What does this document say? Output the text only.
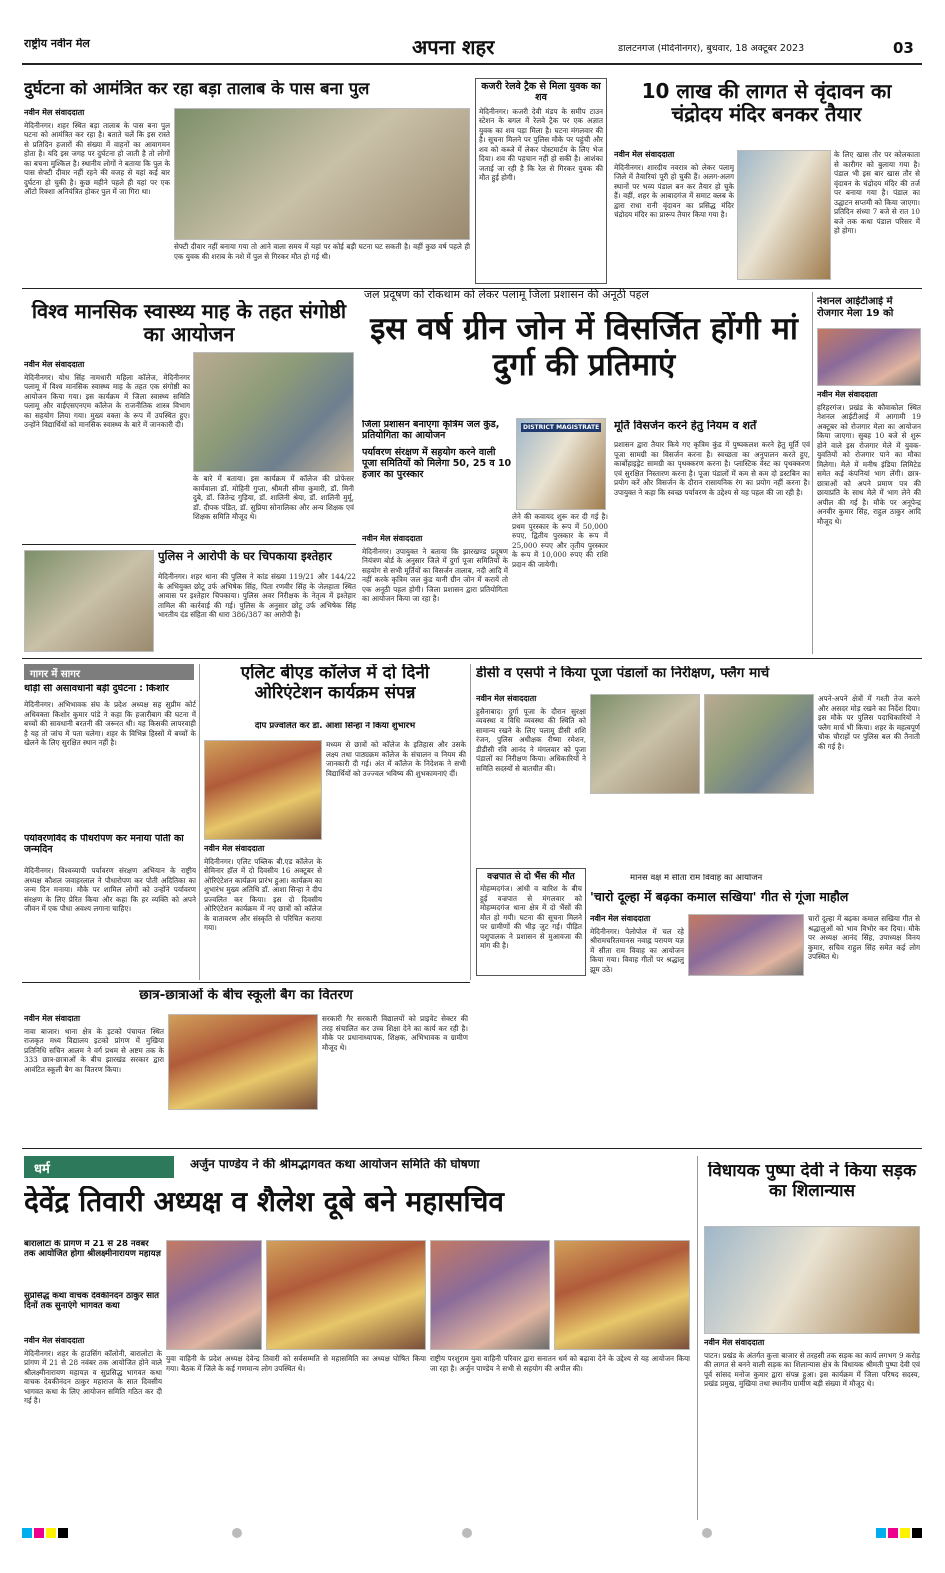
राष्ट्रीय नवीन मेल	अपना शहर	डालटनगंज (मेदिनीनगर), बुधवार, 18 अक्टूबर 2023	03
दुर्घटना को आमंत्रित कर रहा बड़ा तालाब के पास बना पुल
नवीन मेल संवाददाता
मेदिनीनगर। शहर स्थित बड़ा तालाब के पास बना पुल घटना को आमंत्रित कर रहा है। बताते चलें कि इस रास्ते से प्रतिदिन हजारों की संख्या में वाहनों का आवागमन होता है। यदि इस जगह पर दुर्घटना हो जाती है तो लोगों का बचना मुश्किल है। स्थानीय लोगों ने बताया कि पुल के पास सेफ्टी दीवार नहीं रहने की वजह से यहां कई बार दुर्घटना हो चुकी है। कुछ महीने पहले ही यहां पर एक ऑटो रिक्शा अनियंत्रित होकर पुल में जा गिरा था।
सेफ्टी दीवार नहीं बनाया गया तो आने वाला समय में यहां पर कोई बड़ी घटना घट सकती है। वहीं कुछ वर्ष पहले ही एक युवक की शराब के नशे में पुल से गिरकर मौत हो गई थी।
कजरी रेलवे ट्रैक से मिला युवक का शव
मेदिनीनगर। कजरी देवी मंडप के समीप टाउन स्टेशन के बगल में रेलवे ट्रैक पर एक अज्ञात युवक का शव पड़ा मिला है। घटना मंगलवार की है। सूचना मिलने पर पुलिस मौके पर पहुंची और शव को कब्जे में लेकर पोस्टमार्टम के लिए भेज दिया। शव की पहचान नहीं हो सकी है। आशंका जताई जा रही है कि रेल से गिरकर युवक की मौत हुई होगी।
10 लाख की लागत से वृंदावन का चंद्रोदय मंदिर बनकर तैयार
नवीन मेल संवाददाता
मेदिनीनगर। शारदीय नवरात्र को लेकर पलामू जिले में तैयारियां पूरी हो चुकी हैं। अलग-अलग स्थानों पर भव्य पंडाल बन कर तैयार हो चुके हैं। वहीं, शहर के आबादगंज में समाट क्लब के द्वारा राधा रानी वृंदावन का प्रसिद्ध मंदिर चंद्रोदय मंदिर का प्रारूप तैयार किया गया है।
के लिए खास तौर पर कोलकाता से कारीगर को बुलाया गया है। पंडाल भी इस बार खास तौर से वृंदावन के चंद्रोदय मंदिर की तर्ज पर बनाया गया है। पंडाल का उद्घाटन सप्तमी को किया जाएगा। प्रतिदिन संध्या 7 बजे से रात 10 बजे तक कथा पंडाल परिसर में हो होगा।
विश्व मानसिक स्वास्थ्य माह के तहत संगोष्ठी का आयोजन
नवीन मेल संवाददाता
मेदिनीनगर। योध सिंह नामधारी महिला कॉलेज, मेदिनीनगर पलामू में विश्व मानसिक स्वास्थ्य माह के तहत एक संगोष्ठी का आयोजन किया गया। इस कार्यक्रम में जिला स्वास्थ्य समिति पलामू और वाईएसएनएम कॉलेज के राजनीतिक शास्त्र विभाग का सहयोग लिया गया। मुख्य वक्ता के रूप में उपस्थित हुए। उन्होंने विद्यार्थियों को मानसिक स्वास्थ्य के बारे में जानकारी दी।
के बारे में बताया। इस कार्यक्रम में कॉलेज की प्रोफेसर कार्यवाला डॉ. मोहिनी गुप्ता, श्रीमती सीमा कुमारी, डॉ. मिनी दुबे, डॉ. जितेन्द्र गुड़िया, डॉ. शालिनी श्रेया, डॉ. शालिनी मुर्मू, डॉ. दीपक पंडित, डॉ. सुप्रिया सोनालिका और अन्य शिक्षक एवं शिक्षक समिति मौजूद थे।
जल प्रदूषण को रोकथाम को लेकर पलामू जिला प्रशासन की अनूठी पहल
इस वर्ष ग्रीन जोन में विसर्जित होंगी मां दुर्गा की प्रतिमाएं
जिला प्रशासन बनाएगा कृत्रिम जल कुंड, प्रतियोगिता का आयोजन
पर्यावरण संरक्षण में सहयोग करने वाली पूजा समितियों को मिलेगा 50, 25 व 10 हजार का पुरस्कार
DISTRICT MAGISTRATE
नवीन मेल संवाददाता
मेदिनीनगर। उपायुक्त ने बताया कि झारखण्ड प्रदूषण नियंत्रण बोर्ड के अनुसार जिले में दुर्गा पूजा समितियों के सहयोग से सभी मूर्तियों का विसर्जन तालाब, नदी आदि में नहीं करके कृत्रिम जल कुंड यानी ग्रीन जोन में करायें तो एक अनूठी पहल होगी। जिला प्रशासन द्वारा प्रतियोगिता का आयोजन किया जा रहा है।
लेने की कवायद शुरू कर दी गई है। प्रथम पुरस्कार के रूप में 50,000 रुपए, द्वितीय पुरस्कार के रूप में 25,000 रुपए और तृतीय पुरस्कार के रूप में 10,000 रुपए की राशि प्रदान की जायेगी।
मूर्ति विसर्जन करने हेतु नियम व शर्तें
प्रशासन द्वारा तैयार किये गए कृत्रिम कुंड में पुष्पकलश करने हेतु मूर्ति एवं पूजा सामग्री का विसर्जन करना है। स्वच्छता का अनुपालन करते हुए, कार्बोहाइड्रेट सामग्री का पृथक्करण करना है। प्लास्टिक वेस्ट का पृथक्करण एवं सुरक्षित निस्तारण करना है। पूजा पंडालों में कम से कम दो डस्टबिन का प्रयोग करें और विसर्जन के दौरान रासायनिक रंग का प्रयोग नहीं करना है। उपायुक्त ने कहा कि स्वच्छ पर्यावरण के उद्देश्य से यह पहल की जा रही है।
नेशनल आईटीआई में रोजगार मेला 19 को
नवीन मेल संवाददाता
हरिहरगंज। प्रखंड के कौवाकोल स्थित नेशनल आईटीआई में आगामी 19 अक्टूबर को रोजगार मेला का आयोजन किया जाएगा। सुबह 10 बजे से शुरू होने वाले इस रोजगार मेले में युवक-युवतियों को रोजगार पाने का मौका मिलेगा। मेले में मनीष इंडिया लिमिटेड समेत कई कंपनियां भाग लेंगी। छात्र-छात्राओं को अपने प्रमाण पत्र की छायाप्रति के साथ मेले में भाग लेने की अपील की गई है। मौके पर अनूपेन्द्र अनवीर कुमार सिंह, राहुल ठाकुर आदि मौजूद थे।
पुलिस ने आरोपी के घर चिपकाया इश्तेहार
मेदिनीनगर। शहर थाना की पुलिस ने कांड संख्या 119/21 और 144/22 के अभियुक्त छोटू उर्फ अभिषेक सिंह, पिता रणवीर सिंह के जेलहाता स्थित आवास पर इश्तेहार चिपकाया। पुलिस अवर निरीक्षक के नेतृत्व में इश्तेहार तामिल की कार्रवाई की गई। पुलिस के अनुसार छोटू उर्फ अभिषेक सिंह भारतीय दंड संहिता की धारा 386/387 का आरोपी है।
गागर में सागर
थोड़ी सी असावधानी बड़ी दुर्घटना : किशोर
मेदिनीनगर। अभिभावक संघ के प्रदेश अध्यक्ष सह सुप्रीम कोर्ट अधिवक्ता किशोर कुमार पांडे ने कहा कि हजारीबाग की घटना में बच्चों की सावधानी बरतनी की जरूरत थी। यह किसकी लापरवाही है यह तो जांच में पता चलेगा। शहर के विभिन्न हिस्सों में बच्चों के खेलने के लिए सुरक्षित स्थान नहीं है।
पर्यावरणविद के पौधरोपण कर मनाया पोती का जन्मदिन
मेदिनीनगर। विश्वव्यापी पर्यावरण संरक्षण अभियान के राष्ट्रीय अध्यक्ष कौशल जवाहरलाल ने पौधारोपण कर पोती अदितिका का जन्म दिन मनाया। मौके पर शामिल लोगों को उन्होंने पर्यावरण संरक्षण के लिए प्रेरित किया और कहा कि हर व्यक्ति को अपने जीवन में एक पौधा अवश्य लगाना चाहिए।
एलिट बीएड कॉलेज में दो दिनी ओरिएंटेशन कार्यक्रम संपन्न
दीप प्रज्वलित कर डॉ. आशा सिन्हा ने किया शुभारंभ
नवीन मेल संवाददाता
मेदिनीनगर। एलिट पब्लिक बी.एड कॉलेज के सेमिनार हॉल में दो दिवसीय 16 अक्टूबर से ओरिएंटेशन कार्यक्रम प्रारंभ हुआ। कार्यक्रम का शुभारंभ मुख्य अतिथि डॉ. आशा सिन्हा ने दीप प्रज्वलित कर किया। इस दो दिवसीय ओरिएंटेशन कार्यक्रम में नए छात्रों को कॉलेज के वातावरण और संस्कृति से परिचित कराया गया।
मध्यम से छात्रों को कॉलेज के इतिहास और उसके लक्ष्य तथा पाठ्यक्रम कॉलेज के संचालन व नियम की जानकारी दी गई। अंत में कॉलेज के निदेशक ने सभी विद्यार्थियों को उज्ज्वल भविष्य की शुभकामनाएं दीं।
डीसी व एसपी ने किया पूजा पंडालों का निरीक्षण, फ्लैग मार्च
नवीन मेल संवाददाता
हुसैनाबाद। दुर्गा पूजा के दौरान सुरक्षा व्यवस्था व विधि व्यवस्था की स्थिति को सामान्य रखने के लिए पलामू डीसी शशि रंजन, पुलिस अधीक्षक रीष्मा रमेशन, डीडीसी रवि आनंद ने मंगलवार को पूजा पंडालों का निरीक्षण किया। अधिकारियों ने समिति सदस्यों से बातचीत की।
अपने-अपने क्षेत्रों में गश्ती तेज करने और असदर मोड़ रखने का निर्देश दिया। इस मौके पर पुलिस पदाधिकारियों ने फ्लैग मार्च भी किया। शहर के महत्वपूर्ण चौक चौराहों पर पुलिस बल की तैनाती की गई है।
वज्रपात से दो भैंस की मौत
मोहम्मदगंज। आंधी व बारिश के बीच हुई वज्रपात से मंगलवार को मोहम्मदगंज थाना क्षेत्र में दो भैंसों की मौत हो गयी। घटना की सूचना मिलने पर ग्रामीणों की भीड़ जुट गई। पीड़ित पशुपालक ने प्रशासन से मुआवजा की मांग की है।
मानस वक्ष में सीता राम विवाह का आयोजन
'चारो दूल्हा में बढ़का कमाल सखिया' गीत से गूंजा माहौल
नवीन मेल संवाददाता
मेदिनीनगर। पेलोपोल में चल रहे श्रीरामचरितमानस नवाह्न परायण यज्ञ में सीता राम विवाह का आयोजन किया गया। विवाह गीतों पर श्रद्धालु झूम उठे।
चारों दूल्हा में बढ़का कमाल सखिया गीत से श्रद्धालुओं को भाव विभोर कर दिया। मौके पर अध्यक्ष आनंद सिंह, उपाध्यक्ष विनय कुमार, सचिव राहुल सिंह समेत कई लोग उपस्थित थे।
छात्र-छात्राओं के बीच स्कूली बैग का वितरण
नवीन मेल संवादाता
नावा बाजार। थाना क्षेत्र के इटको पंचायत स्थित राजकृत मध्य विद्यालय इटको प्रांगण में मुखिया प्रतिनिधि सचिन आलम ने वर्ग प्रथम से अष्टम तक के 333 छात्र-छात्राओं के बीच झारखंड सरकार द्वारा आवंटित स्कूली बैग का वितरण किया।
सरकारी गैर सरकारी विद्यालयों को प्राइवेट सेक्टर की तरह संचालित कर उच्च शिक्षा देने का कार्य कर रही है। मौके पर प्रधानाध्यापक, शिक्षक, अभिभावक व ग्रामीण मौजूद थे।
धर्म	अर्जुन पाण्डेय ने की श्रीमद्भागवत कथा आयोजन समिति की घोषणा
देवेंद्र तिवारी अध्यक्ष व शैलेश दूबे बने महासचिव
बारालोटा के प्रांगण में 21 से 28 नवंबर तक आयोजित होगा श्रीलक्ष्मीनारायण महायज्ञ
सुप्रसिद्ध कथा वाचक देवकीनंदन ठाकुर सात दिनों तक सुनाएंगे भागवत कथा
नवीन मेल संवाददाता
मेदिनीनगर। शहर के हाउसिंग कॉलोनी, बारालोटा के प्रांगण में 21 से 28 नवंबर तक आयोजित होने वाले श्रीलक्ष्मीनारायण महायज्ञ व सुप्रसिद्ध भागवत कथा वाचक देवकीनंदन ठाकुर महाराज के सात दिवसीय भागवत कथा के लिए आयोजन समिति गठित कर दी गई है।
युवा वाहिनी के प्रदेश अध्यक्ष देवेन्द्र तिवारी को सर्वसम्मति से महासमिति का अध्यक्ष घोषित किया गया। बैठक में जिले के कई गणमान्य लोग उपस्थित थे।
राष्ट्रीय परशुराम युवा वाहिनी परिवार द्वारा सनातन धर्म को बढ़ावा देने के उद्देश्य से यह आयोजन किया जा रहा है। अर्जुन पाण्डेय ने सभी से सहयोग की अपील की।
विधायक पुष्पा देवी ने किया सड़क का शिलान्यास
नवीन मेल संवाददाता
पाटन। प्रखंड के अंतर्गत कुत्ता बाजार से तरहसी तक सड़क का कार्य लगभग 9 करोड़ की लागत से बनने वाली सड़क का शिलान्यास क्षेत्र के विधायक श्रीमती पुष्पा देवी एवं पूर्व सांसद मनोज कुमार द्वारा संपन्न हुआ। इस कार्यक्रम में जिला परिषद सदस्य, प्रखंड प्रमुख, मुखिया तथा स्थानीय ग्रामीण बड़ी संख्या में मौजूद थे।
